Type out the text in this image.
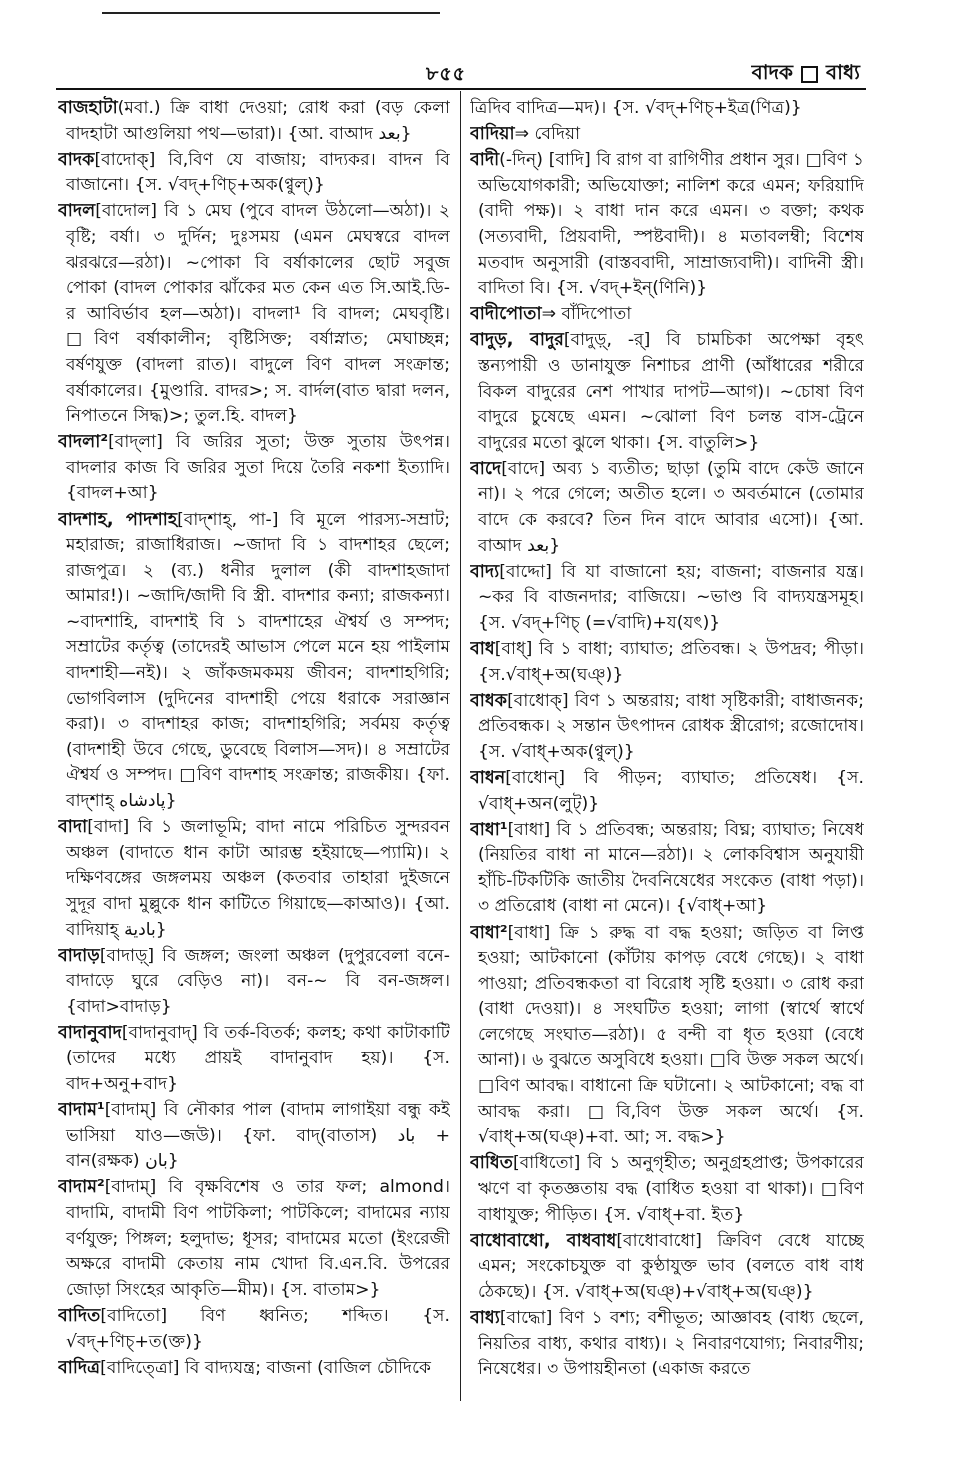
৮৫৫	বাদক বাধ্য
বাজহাটা(মবা.) ক্রি বাধা দেওয়া; রোধ করা (বড় কেলা বাদহাটা আগুলিয়া পথ—ভারা)। {আ. বাআদ بعد}
বাদক[বাদোক্] বি,বিণ যে বাজায়; বাদ্যকর। বাদন বি বাজানো। {স. √বদ্+ণিচ্+অক(ণ্বুল্)}
বাদল[বাদোল] বি ১ মেঘ (পুবে বাদল উঠলো—অঠা)। ২ বৃষ্টি; বর্ষা। ৩ দুর্দিন; দুঃসময় (এমন মেঘস্বরে বাদল ঝরঝরে—রঠা)। ~পোকা বি বর্ষাকালের ছোট সবুজ পোকা (বাদল পোকার ঝাঁকের মত কেন এত সি.আই.ডি-র আবির্ভাব হল—অঠা)। বাদলা¹ বি বাদল; মেঘবৃষ্টি। □বিণ বর্ষাকালীন; বৃষ্টিসিক্ত; বর্ষাস্নাত; মেঘাচ্ছন্ন; বর্ষণযুক্ত (বাদলা রাত)। বাদুলে বিণ বাদল সংক্রান্ত; বর্ষাকালের। {মুণ্ডারি. বাদর>; স. বার্দল(বাত দ্বারা দলন, নিপাতনে সিদ্ধ)>; তুল.হি. বাদল}
বাদলা²[বাদ্লা] বি জরির সুতা; উক্ত সুতায় উৎপন্ন। বাদলার কাজ বি জরির সুতা দিয়ে তৈরি নকশা ইত্যাদি। {বাদল+আ}
বাদশাহ, পাদশাহ[বাদ্শাহ্, পা-] বি মূলে পারস্য-সম্রাট; মহারাজ; রাজাধিরাজ। ~জাদা বি ১ বাদশাহর ছেলে; রাজপুত্র। ২ (ব্য.) ধনীর দুলাল (কী বাদশাহজাদা আমার!)। ~জাদি/জাদী বি স্ত্রী. বাদশার কন্যা; রাজকন্যা। ~বাদশাহি, বাদশাই বি ১ বাদশাহের ঐশ্বর্য ও সম্পদ; সম্রাটের কর্তৃত্ব (তাদেরই আভাস পেলে মনে হয় পাইলাম বাদশাহী—নই)। ২ জাঁকজমকময় জীবন; বাদশাহগিরি; ভোগবিলাস (দুদিনের বাদশাহী পেয়ে ধরাকে সরাজ্ঞান করা)। ৩ বাদশাহর কাজ; বাদশাহগিরি; সর্বময় কর্তৃত্ব (বাদশাহী উবে গেছে, ডুবেছে বিলাস—সদ)। ৪ সম্রাটের ঐশ্বর্য ও সম্পদ। □বিণ বাদশাহ সংক্রান্ত; রাজকীয়। {ফা. বাদ্শাহ্ پادشاه}
বাদা[বাদা] বি ১ জলাভূমি; বাদা নামে পরিচিত সুন্দরবন অঞ্চল (বাদাতে ধান কাটা আরম্ভ হইয়াছে—প্যামি)। ২ দক্ষিণবঙ্গের জঙ্গলময় অঞ্চল (কতবার তাহারা দুইজনে সুদূর বাদা মুল্লুকে ধান কাটিতে গিয়াছে—কাআও)। {আ. বাদিয়াহ্ بادية}
বাদাড়[বাদাড়্] বি জঙ্গল; জংলা অঞ্চল (দুপুরবেলা বনে-বাদাড়ে ঘুরে বেড়িও না)। বন-~ বি বন-জঙ্গল। {বাদা>বাদাড়}
বাদানুবাদ[বাদানুবাদ্] বি তর্ক-বিতর্ক; কলহ; কথা কাটাকাটি (তাদের মধ্যে প্রায়ই বাদানুবাদ হয়)। {স. বাদ+অনু+বাদ}
বাদাম¹[বাদাম্] বি নৌকার পাল (বাদাম লাগাইয়া বন্ধু কই ভাসিয়া যাও—জউ)। {ফা. বাদ্(বাতাস) باد + বান(রক্ষক) بان}
বাদাম²[বাদাম্] বি বৃক্ষবিশেষ ও তার ফল; almond। বাদামি, বাদামী বিণ পাটকিলা; পাটকিলে; বাদামের ন্যায় বর্ণযুক্ত; পিঙ্গল; হলুদাভ; ধূসর; বাদামের মতো (ইংরেজী অক্ষরে বাদামী কেতায় নাম খোদা বি.এন.বি. উপরের জোড়া সিংহের আকৃতি—মীম)। {স. বাতাম>}
বাদিত[বাদিতো] বিণ ধ্বনিত; শব্দিত। {স. √বদ্+ণিচ্+ত(ক্ত)}
বাদিত্র[বাদিত্ত্রো] বি বাদ্যযন্ত্র; বাজনা (বাজিল চৌদিকে
ত্রিদিব বাদিত্র—মদ)। {স. √বদ্+ণিচ্+ইত্র(ণিত্র)}
বাদিয়া⇒ বেদিয়া
বাদী(-দিন্) [বাদি] বি রাগ বা রাগিণীর প্রধান সুর। □বিণ ১ অভিযোগকারী; অভিযোক্তা; নালিশ করে এমন; ফরিয়াদি (বাদী পক্ষ)। ২ বাধা দান করে এমন। ৩ বক্তা; কথক (সত্যবাদী, প্রিয়বাদী, স্পষ্টবাদী)। ৪ মতাবলম্বী; বিশেষ মতবাদ অনুসারী (বাস্তববাদী, সাম্রাজ্যবাদী)। বাদিনী স্ত্রী। বাদিতা বি। {স. √বদ্+ইন্(ণিনি)}
বাদীপোতা⇒ বাঁদিপোতা
বাদুড়, বাদুর[বাদুড়্, -র্] বি চামচিকা অপেক্ষা বৃহৎ স্তন্যপায়ী ও ডানাযুক্ত নিশাচর প্রাণী (আঁধারের শরীরে বিকল বাদুরের নেশ পাখার দাপট—আগ)। ~চোষা বিণ বাদুরে চুষেছে এমন। ~ঝোলা বিণ চলন্ত বাস-ট্রেনে বাদুরের মতো ঝুলে থাকা। {স. বাতুলি>}
বাদে[বাদে] অব্য ১ ব্যতীত; ছাড়া (তুমি বাদে কেউ জানে না)। ২ পরে গেলে; অতীত হলে। ৩ অবর্তমানে (তোমার বাদে কে করবে? তিন দিন বাদে আবার এসো)। {আ. বাআদ بعد}
বাদ্য[বাদ্দো] বি যা বাজানো হয়; বাজনা; বাজনার যন্ত্র। ~কর বি বাজনদার; বাজিয়ে। ~ভাণ্ড বি বাদ্যযন্ত্রসমূহ। {স. √বদ্+ণিচ্ (=√বাদি)+য(যৎ)}
বাধ[বাধ্] বি ১ বাধা; ব্যাঘাত; প্রতিবন্ধ। ২ উপদ্রব; পীড়া। {স.√বাধ্+অ(ঘঞ্)}
বাধক[বাধোক্] বিণ ১ অন্তরায়; বাধা সৃষ্টিকারী; বাধাজনক; প্রতিবন্ধক। ২ সন্তান উৎপাদন রোধক স্ত্রীরোগ; রজোদোষ। {স. √বাধ্+অক(ণ্বুল্)}
বাধন[বাধোন্] বি পীড়ন; ব্যাঘাত; প্রতিষেধ। {স. √বাধ্+অন(লুট্)}
বাধা¹[বাধা] বি ১ প্রতিবন্ধ; অন্তরায়; বিঘ্ন; ব্যাঘাত; নিষেধ (নিয়তির বাধা না মানে—রঠা)। ২ লোকবিশ্বাস অনুযায়ী হাঁচি-টিকটিকি জাতীয় দৈবনিষেধের সংকেত (বাধা পড়া)। ৩ প্রতিরোধ (বাধা না মেনে)। {√বাধ্+আ}
বাধা²[বাধা] ক্রি ১ রুদ্ধ বা বদ্ধ হওয়া; জড়িত বা লিপ্ত হওয়া; আটকানো (কাঁটায় কাপড় বেধে গেছে)। ২ বাধা পাওয়া; প্রতিবন্ধকতা বা বিরোধ সৃষ্টি হওয়া। ৩ রোধ করা (বাধা দেওয়া)। ৪ সংঘটিত হওয়া; লাগা (স্বার্থে স্বার্থে লেগেছে সংঘাত—রঠা)। ৫ বন্দী বা ধৃত হওয়া (বেধে আনা)। ৬ বুঝতে অসুবিধে হওয়া। □বি উক্ত সকল অর্থে। □বিণ আবদ্ধ। বাধানো ক্রি ঘটানো। ২ আটকানো; বদ্ধ বা আবদ্ধ করা। □বি,বিণ উক্ত সকল অর্থে। {স. √বাধ্+অ(ঘঞ্)+বা. আ; স. বদ্ধ>}
বাধিত[বাধিতো] বি ১ অনুগৃহীত; অনুগ্রহপ্রাপ্ত; উপকারের ঋণে বা কৃতজ্ঞতায় বদ্ধ (বাধিত হওয়া বা থাকা)। □বিণ বাধাযুক্ত; পীড়িত। {স. √বাধ্+বা. ইত}
বাধোবাধো, বাধবাধ[বাধোবাধো] ক্রিবিণ বেধে যাচ্ছে এমন; সংকোচযুক্ত বা কুণ্ঠাযুক্ত ভাব (বলতে বাধ বাধ ঠেকছে)। {স. √বাধ্+অ(ঘঞ্)+√বাধ্+অ(ঘঞ্)}
বাধ্য[বাদ্ধো] বিণ ১ বশ্য; বশীভূত; আজ্ঞাবহ (বাধ্য ছেলে, নিয়তির বাধ্য, কথার বাধ্য)। ২ নিবারণযোগ্য; নিবারণীয়; নিষেধের। ৩ উপায়হীনতা (একাজ করতে
